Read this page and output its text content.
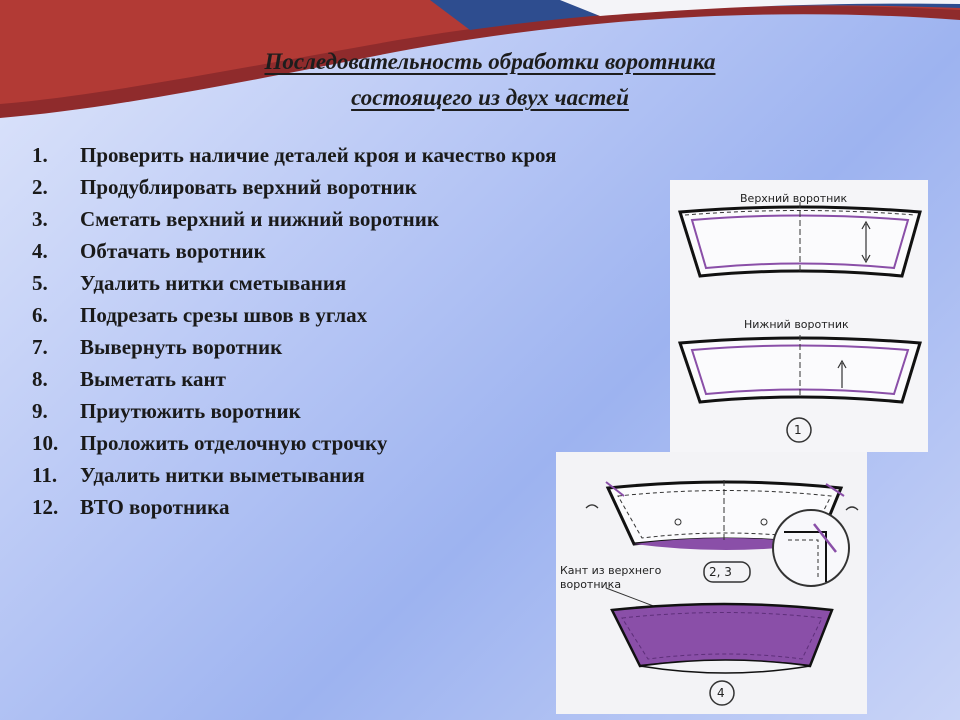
Последовательность обработки воротника
состоящего из двух частей
1. Проверить наличие деталей кроя и качество кроя
2. Продублировать верхний воротник
3. Сметать верхний и нижний воротник
4. Обтачать воротник
5. Удалить нитки сметывания
6. Подрезать срезы швов в углах
7. Вывернуть воротник
8. Выметать кант
9. Приутюжить воротник
10. Проложить отделочную строчку
11. Удалить нитки выметывания
12. ВТО воротника
Верхний воротник
Нижний воротник
1
2, 3
Кант из верхнего
воротника
4
